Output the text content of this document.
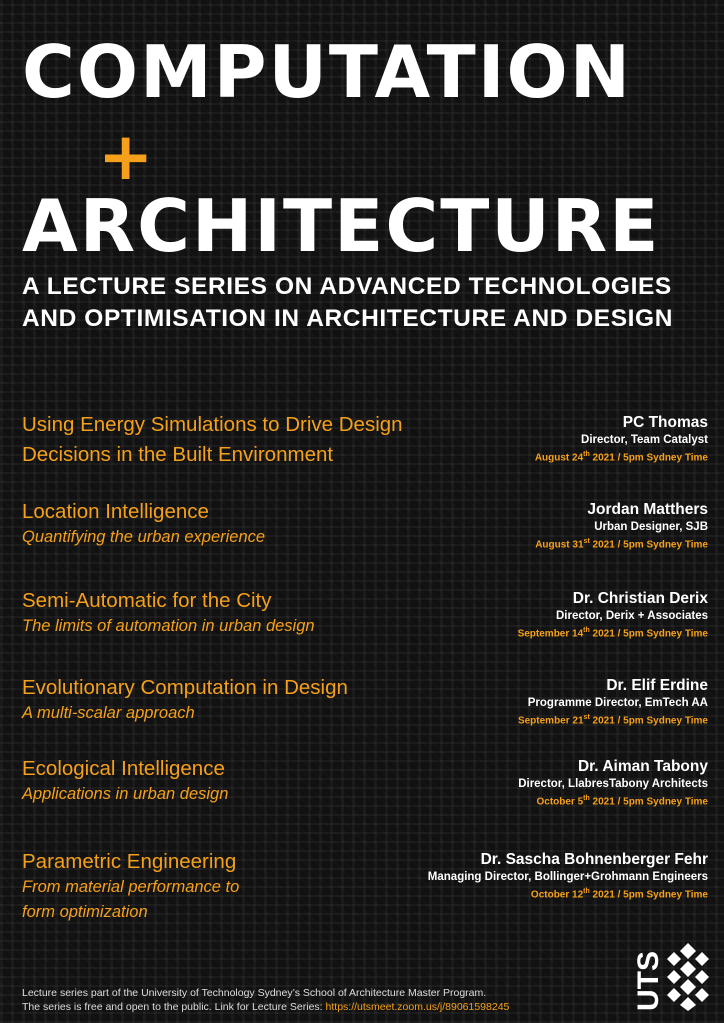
COMPUTATION
+
ARCHITECTURE
A LECTURE SERIES ON ADVANCED TECHNOLOGIES
AND OPTIMISATION IN ARCHITECTURE AND DESIGN
Using Energy Simulations to Drive Design
Decisions in the Built Environment
PC Thomas
Director, Team Catalyst
August 24th 2021 / 5pm Sydney Time
Location Intelligence
Quantifying the urban experience
Jordan Matthers
Urban Designer, SJB
August 31st 2021 / 5pm Sydney Time
Semi-Automatic for the City
The limits of automation in urban design
Dr. Christian Derix
Director, Derix + Associates
September 14th 2021 / 5pm Sydney Time
Evolutionary Computation in Design
A multi-scalar approach
Dr. Elif Erdine
Programme Director, EmTech AA
September 21st 2021 / 5pm Sydney Time
Ecological Intelligence
Applications in urban design
Dr. Aiman Tabony
Director, LlabresTabony Architects
October 5th 2021 / 5pm Sydney Time
Parametric Engineering
From material performance to
form optimization
Dr. Sascha Bohnenberger Fehr
Managing Director, Bollinger+Grohmann Engineers
October 12th 2021 / 5pm Sydney Time
UTS
Lecture series part of the University of Technology Sydney’s School of Architecture Master Program.
The series is free and open to the public. Link for Lecture Series: https://utsmeet.zoom.us/j/89061598245
